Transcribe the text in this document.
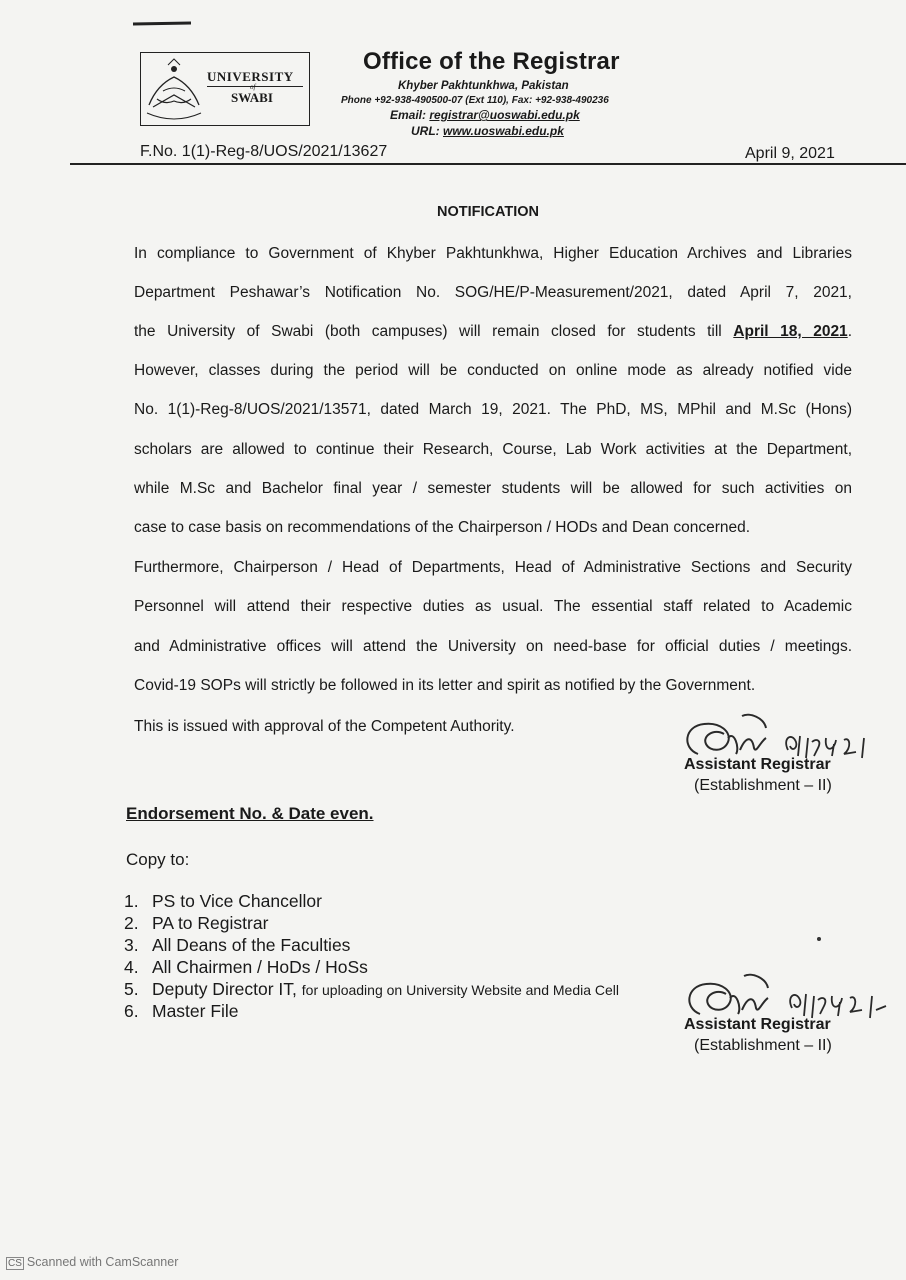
UNIVERSITY
of
SWABI
Office of the Registrar
Khyber Pakhtunkhwa, Pakistan
Phone +92-938-490500-07 (Ext 110), Fax: +92-938-490236
Email: registrar@uoswabi.edu.pk
URL: www.uoswabi.edu.pk
F.No. 1(1)-Reg-8/UOS/2021/13627	April 9, 2021
NOTIFICATION
In compliance to Government of Khyber Pakhtunkhwa, Higher Education Archives and Libraries
Department Peshawar’s Notification No. SOG/HE/P-Measurement/2021, dated April 7, 2021,
the University of Swabi (both campuses) will remain closed for students till April 18, 2021.
However, classes during the period will be conducted on online mode as already notified vide
No. 1(1)-Reg-8/UOS/2021/13571, dated March 19, 2021. The PhD, MS, MPhil and M.Sc (Hons)
scholars are allowed to continue their Research, Course, Lab Work activities at the Department,
while M.Sc and Bachelor final year / semester students will be allowed for such activities on
case to case basis on recommendations of the Chairperson / HODs and Dean concerned.
Furthermore, Chairperson / Head of Departments, Head of Administrative Sections and Security
Personnel will attend their respective duties as usual. The essential staff related to Academic
and Administrative offices will attend the University on need-base for official duties / meetings.
Covid-19 SOPs will strictly be followed in its letter and spirit as notified by the Government.
This is issued with approval of the Competent Authority.
Assistant Registrar
(Establishment – II)
Endorsement No. & Date even.
Copy to:
1. PS to Vice Chancellor
2. PA to Registrar
3. All Deans of the Faculties
4. All Chairmen / HoDs / HoSs
5. Deputy Director IT, for uploading on University Website and Media Cell
6. Master File
Assistant Registrar
(Establishment – II)
CS Scanned with CamScanner
